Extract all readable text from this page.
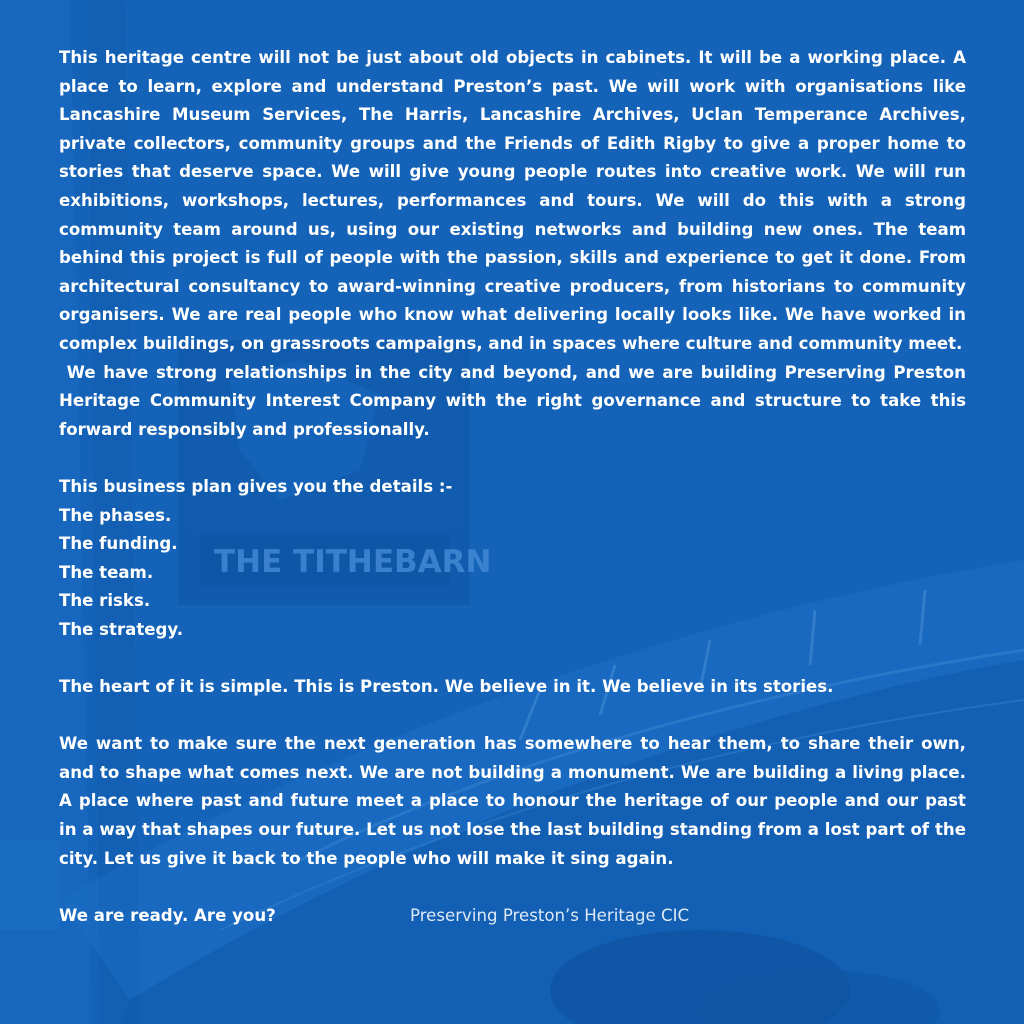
THE TITHEBARN

This heritage centre will not be just about old objects in cabinets. It will be a working place. A place to learn, explore and understand Preston’s past. We will work with organisations like Lancashire Museum Services, The Harris, Lancashire Archives, Uclan Temperance Archives, private collectors, community groups and the Friends of Edith Rigby to give a proper home to stories that deserve space. We will give young people routes into creative work. We will run exhibitions, workshops, lectures, performances and tours. We will do this with a strong community team around us, using our existing networks and building new ones. The team behind this project is full of people with the passion, skills and experience to get it done. From architectural consultancy to award-winning creative producers, from historians to community organisers. We are real people who know what delivering locally looks like. We have worked in complex buildings, on grassroots campaigns, and in spaces where culture and community meet.

We have strong relationships in the city and beyond, and we are building Preserving Preston Heritage Community Interest Company with the right governance and structure to take this forward responsibly and professionally.

This business plan gives you the details :-

The phases.

The funding.

The team.

The risks.

The strategy.

The heart of it is simple. This is Preston. We believe in it. We believe in its stories.

We want to make sure the next generation has somewhere to hear them, to share their own, and to shape what comes next. We are not building a monument. We are building a living place. A place where past and future meet a place to honour the heritage of our people and our past in a way that shapes our future. Let us not lose the last building standing from a lost part of the city. Let us give it back to the people who will make it sing again.

We are ready. Are you?	Preserving Preston’s Heritage CIC
